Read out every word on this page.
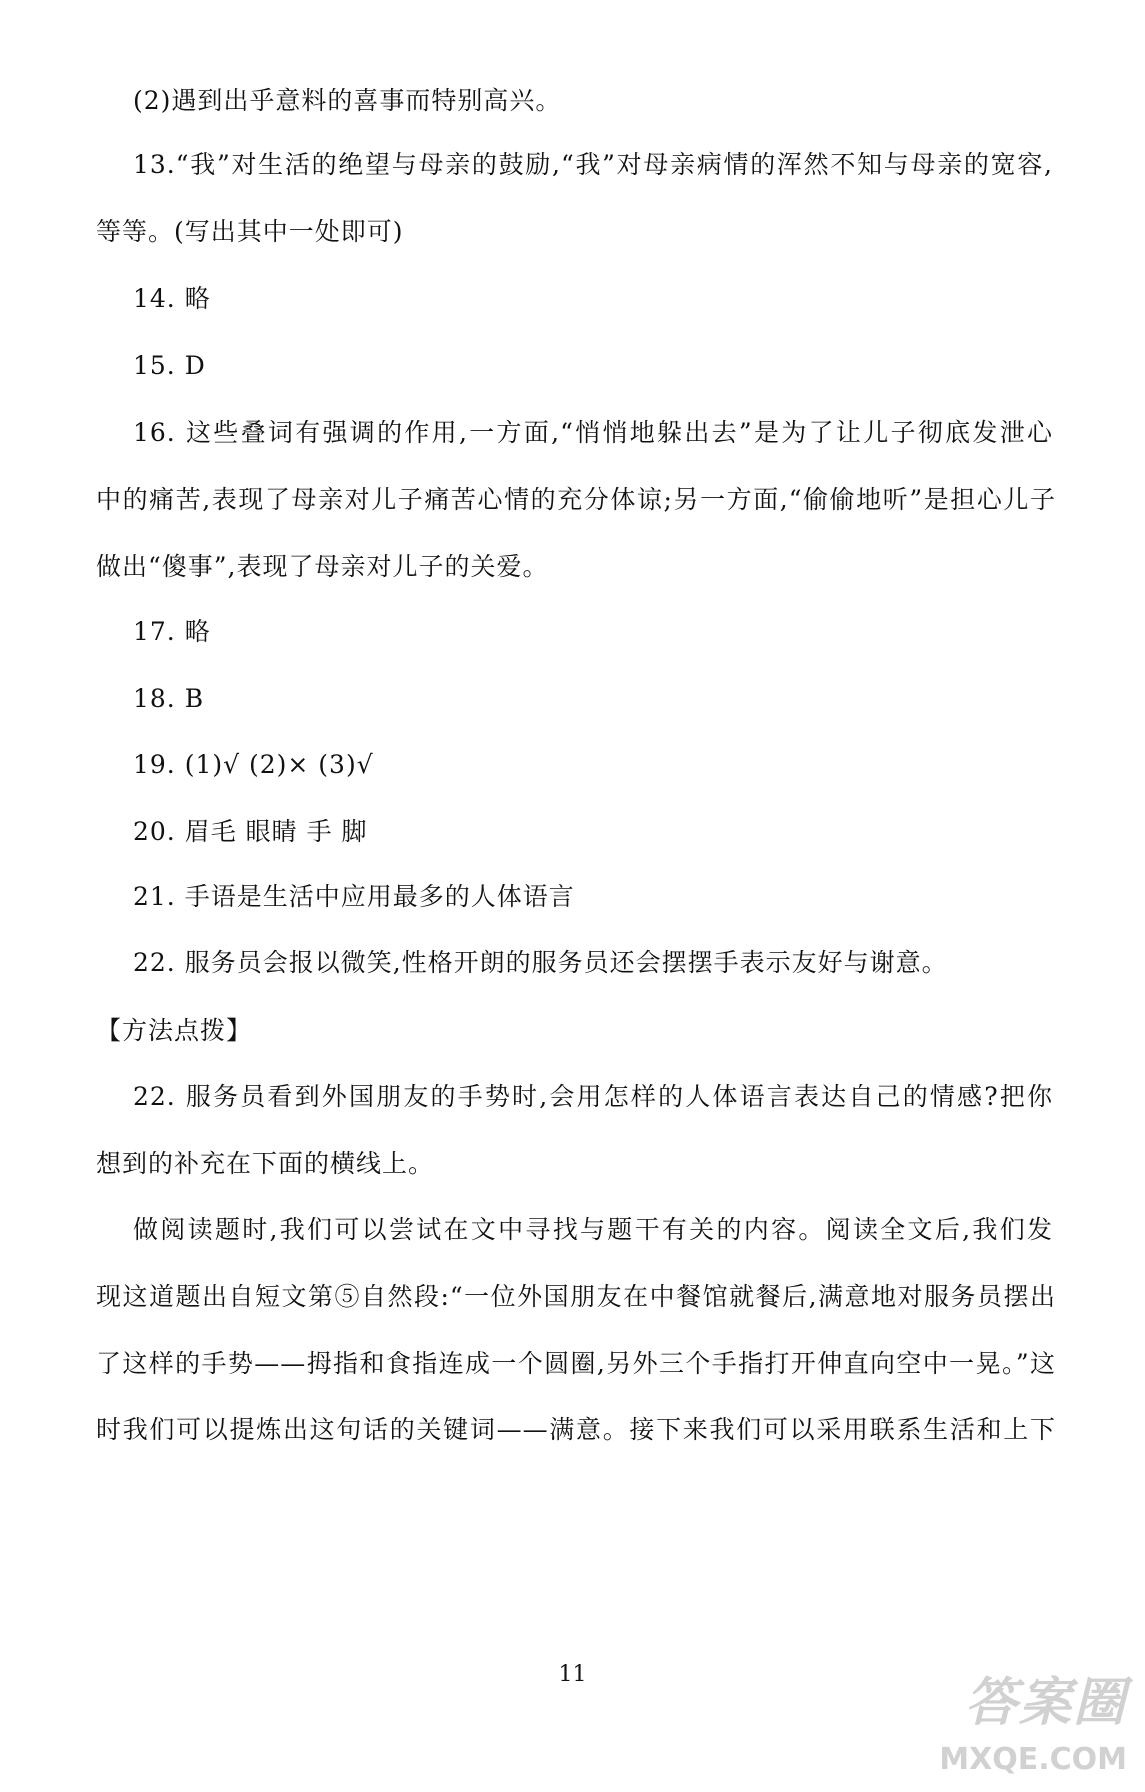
(2)遇到出乎意料的喜事而特别高兴。
13.“我”对生活的绝望与母亲的鼓励,“我”对母亲病情的浑然不知与母亲的宽容,
等等。(写出其中一处即可)
14. 略
15. D
16. 这些叠词有强调的作用,一方面,“悄悄地躲出去”是为了让儿子彻底发泄心
中的痛苦,表现了母亲对儿子痛苦心情的充分体谅;另一方面,“偷偷地听”是担心儿子
做出“傻事”,表现了母亲对儿子的关爱。
17. 略
18. B
19. (1)√ (2)× (3)√
20. 眉毛 眼睛 手 脚
21. 手语是生活中应用最多的人体语言
22. 服务员会报以微笑,性格开朗的服务员还会摆摆手表示友好与谢意。
【方法点拨】
22. 服务员看到外国朋友的手势时,会用怎样的人体语言表达自己的情感?把你
想到的补充在下面的横线上。
做阅读题时,我们可以尝试在文中寻找与题干有关的内容。阅读全文后,我们发
现这道题出自短文第⑤自然段:“一位外国朋友在中餐馆就餐后,满意地对服务员摆出
了这样的手势——拇指和食指连成一个圆圈,另外三个手指打开伸直向空中一晃。”这
时我们可以提炼出这句话的关键词——满意。接下来我们可以采用联系生活和上下
11	答案圈
MXQE.COM
